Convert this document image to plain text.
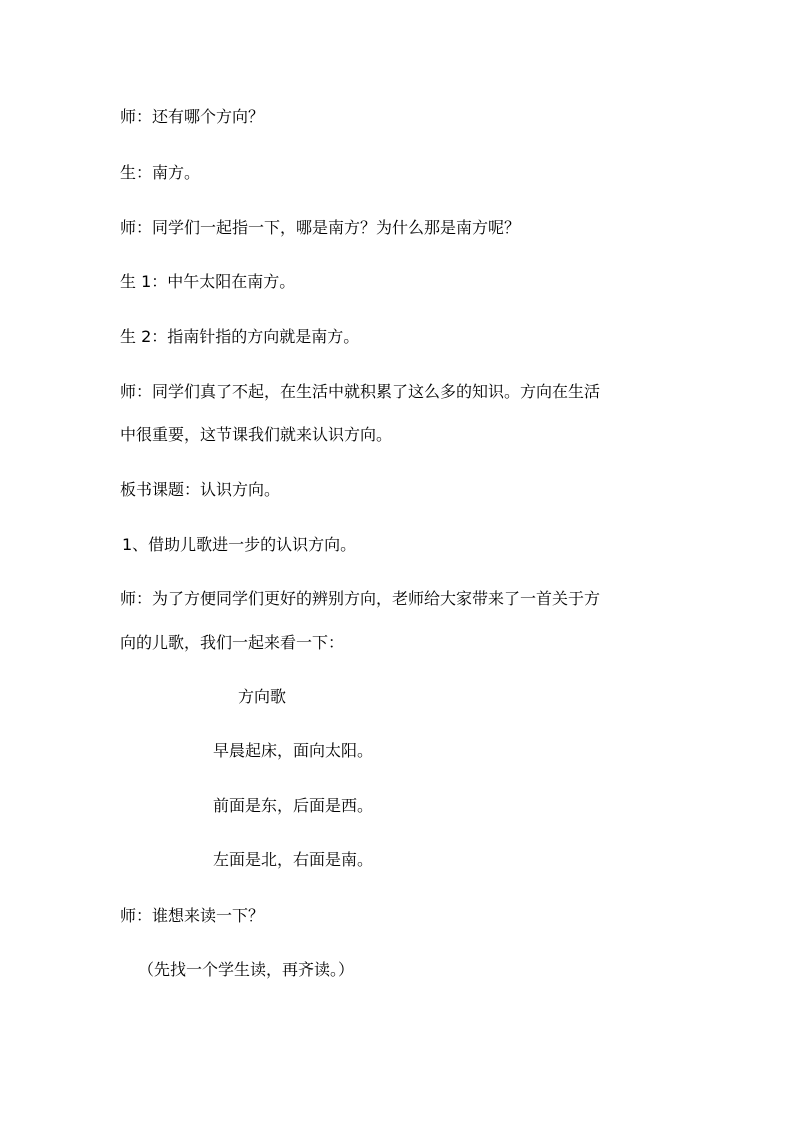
师：还有哪个方向？
生：南方。
师：同学们一起指一下，哪是南方？为什么那是南方呢？
生 1：中午太阳在南方。
生 2：指南针指的方向就是南方。
师：同学们真了不起，在生活中就积累了这么多的知识。方向在生活
中很重要，这节课我们就来认识方向。
板书课题：认识方向。
1、借助儿歌进一步的认识方向。
师：为了方便同学们更好的辨别方向，老师给大家带来了一首关于方
向的儿歌，我们一起来看一下：
方向歌
早晨起床，面向太阳。
前面是东，后面是西。
左面是北，右面是南。
师：谁想来读一下？
（先找一个学生读，再齐读。）
